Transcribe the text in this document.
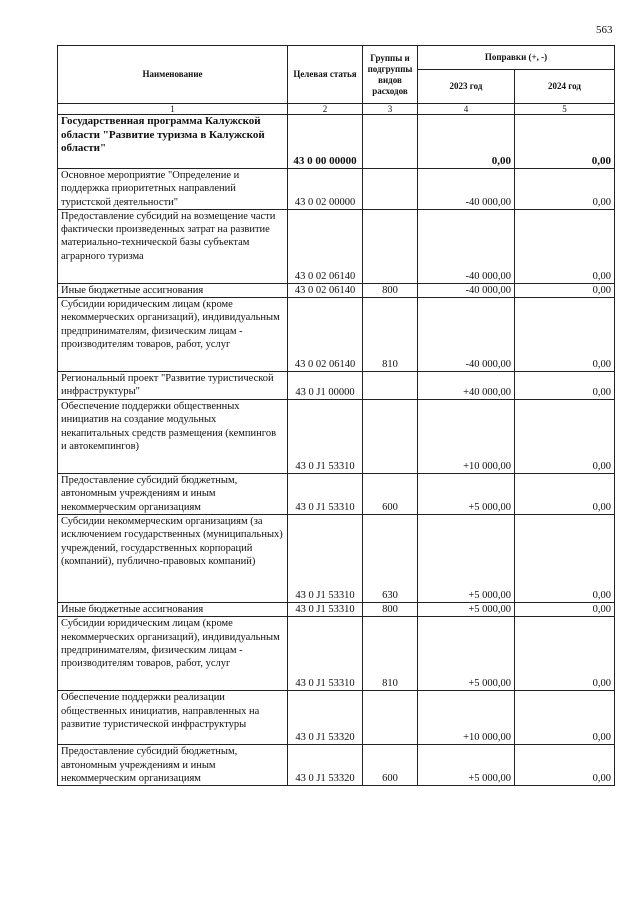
563
Наименование	Целевая статья	Группы и подгруппы видов расходов	Поправки (+, -)	
			2023 год	2024 год
1	2	3	4	5
Государственная программа Калужской области "Развитие туризма в Калужской области"	43 0 00 00000		0,00	0,00
Основное мероприятие "Определение и поддержка приоритетных направлений туристской деятельности"	43 0 02 00000		-40 000,00	0,00
Предоставление субсидий на возмещение части фактически произведенных затрат на развитие материально-технической базы субъектам аграрного туризма	43 0 02 06140		-40 000,00	0,00
Иные бюджетные ассигнования	43 0 02 06140	800	-40 000,00	0,00
Субсидии юридическим лицам (кроме некоммерческих организаций), индивидуальным предпринимателям, физическим лицам - производителям товаров, работ, услуг	43 0 02 06140	810	-40 000,00	0,00
Региональный проект "Развитие туристической инфраструктуры"	43 0 J1 00000		+40 000,00	0,00
Обеспечение поддержки общественных инициатив на создание модульных некапитальных средств размещения (кемпингов и автокемпингов)	43 0 J1 53310		+10 000,00	0,00
Предоставление субсидий бюджетным, автономным учреждениям и иным некоммерческим организациям	43 0 J1 53310	600	+5 000,00	0,00
Субсидии некоммерческим организациям (за исключением государственных (муниципальных) учреждений, государственных корпораций (компаний), публично-правовых компаний)	43 0 J1 53310	630	+5 000,00	0,00
Иные бюджетные ассигнования	43 0 J1 53310	800	+5 000,00	0,00
Субсидии юридическим лицам (кроме некоммерческих организаций), индивидуальным предпринимателям, физическим лицам - производителям товаров, работ, услуг	43 0 J1 53310	810	+5 000,00	0,00
Обеспечение поддержки реализации общественных инициатив, направленных на развитие туристической инфраструктуры	43 0 J1 53320		+10 000,00	0,00
Предоставление субсидий бюджетным, автономным учреждениям и иным некоммерческим организациям	43 0 J1 53320	600	+5 000,00	0,00
